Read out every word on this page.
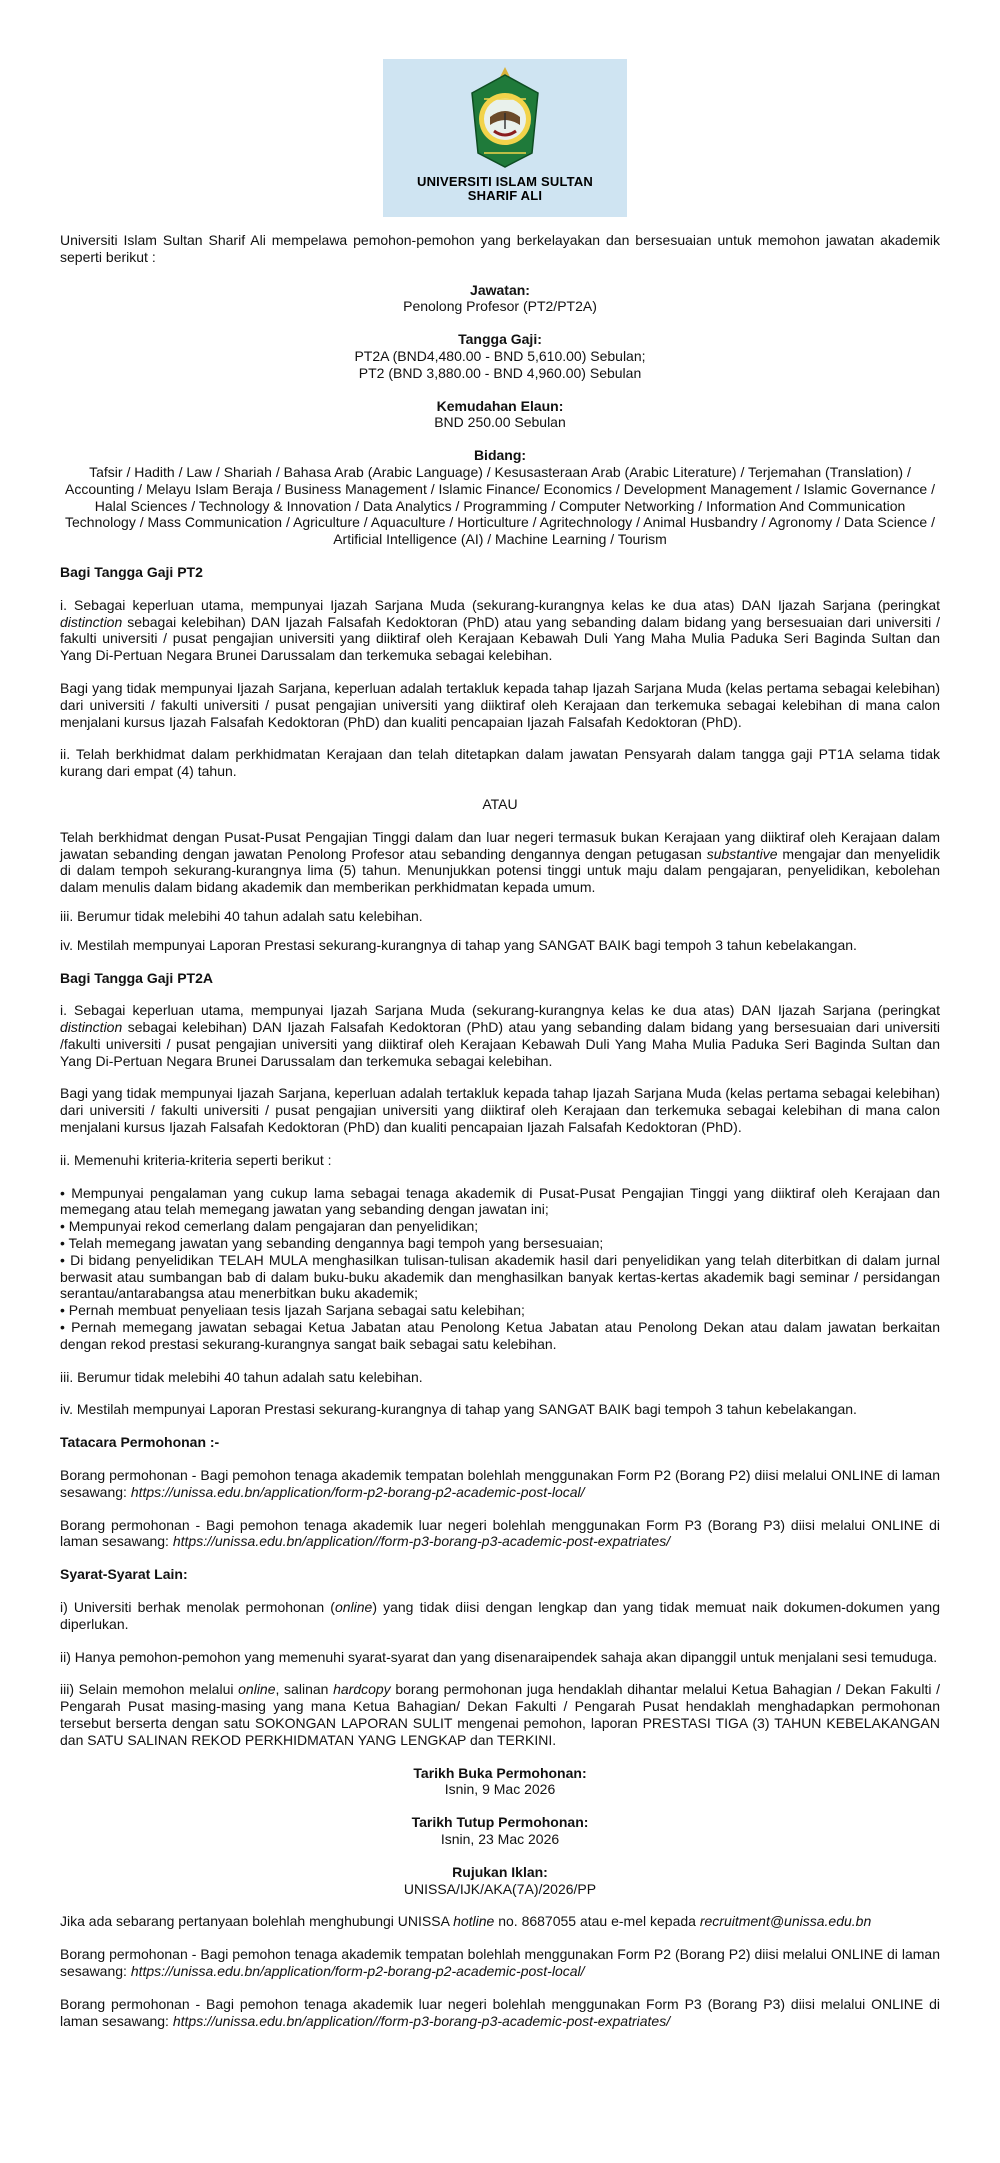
UNIVERSITI ISLAM SULTAN
SHARIF ALI

Universiti Islam Sultan Sharif Ali mempelawa pemohon-pemohon yang berkelayakan dan bersesuaian untuk memohon jawatan akademik seperti berikut :

Jawatan:

Penolong Profesor (PT2/PT2A)

Tangga Gaji:

PT2A (BND4,480.00 - BND 5,610.00) Sebulan;

PT2 (BND 3,880.00 - BND 4,960.00) Sebulan

Kemudahan Elaun:

BND 250.00 Sebulan

Bidang:

Tafsir / Hadith / Law / Shariah / Bahasa Arab (Arabic Language) / Kesusasteraan Arab (Arabic Literature) / Terjemahan (Translation) / Accounting / Melayu Islam Beraja / Business Management / Islamic Finance/ Economics / Development Management / Islamic Governance / Halal Sciences / Technology & Innovation / Data Analytics / Programming / Computer Networking / Information And Communication Technology / Mass Communication / Agriculture / Aquaculture / Horticulture / Agritechnology / Animal Husbandry / Agronomy / Data Science / Artificial Intelligence (AI) / Machine Learning / Tourism

Bagi Tangga Gaji PT2

i. Sebagai keperluan utama, mempunyai Ijazah Sarjana Muda (sekurang-kurangnya kelas ke dua atas) DAN Ijazah Sarjana (peringkat distinction sebagai kelebihan) DAN Ijazah Falsafah Kedoktoran (PhD) atau yang sebanding dalam bidang yang bersesuaian dari universiti / fakulti universiti / pusat pengajian universiti yang diiktiraf oleh Kerajaan Kebawah Duli Yang Maha Mulia Paduka Seri Baginda Sultan dan Yang Di-Pertuan Negara Brunei Darussalam dan terkemuka sebagai kelebihan.

Bagi yang tidak mempunyai Ijazah Sarjana, keperluan adalah tertakluk kepada tahap Ijazah Sarjana Muda (kelas pertama sebagai kelebihan) dari universiti / fakulti universiti / pusat pengajian universiti yang diiktiraf oleh Kerajaan dan terkemuka sebagai kelebihan di mana calon menjalani kursus Ijazah Falsafah Kedoktoran (PhD) dan kualiti pencapaian Ijazah Falsafah Kedoktoran (PhD).

ii. Telah berkhidmat dalam perkhidmatan Kerajaan dan telah ditetapkan dalam jawatan Pensyarah dalam tangga gaji PT1A selama tidak kurang dari empat (4) tahun.

ATAU

Telah berkhidmat dengan Pusat-Pusat Pengajian Tinggi dalam dan luar negeri termasuk bukan Kerajaan yang diiktiraf oleh Kerajaan dalam jawatan sebanding dengan jawatan Penolong Profesor atau sebanding dengannya dengan petugasan substantive mengajar dan menyelidik di dalam tempoh sekurang-kurangnya lima (5) tahun. Menunjukkan potensi tinggi untuk maju dalam pengajaran, penyelidikan, kebolehan dalam menulis dalam bidang akademik dan memberikan perkhidmatan kepada umum.

iii. Berumur tidak melebihi 40 tahun adalah satu kelebihan.

iv. Mestilah mempunyai Laporan Prestasi sekurang-kurangnya di tahap yang SANGAT BAIK bagi tempoh 3 tahun kebelakangan.

Bagi Tangga Gaji PT2A

i. Sebagai keperluan utama, mempunyai Ijazah Sarjana Muda (sekurang-kurangnya kelas ke dua atas) DAN Ijazah Sarjana (peringkat distinction sebagai kelebihan) DAN Ijazah Falsafah Kedoktoran (PhD) atau yang sebanding dalam bidang yang bersesuaian dari universiti /fakulti universiti / pusat pengajian universiti yang diiktiraf oleh Kerajaan Kebawah Duli Yang Maha Mulia Paduka Seri Baginda Sultan dan Yang Di-Pertuan Negara Brunei Darussalam dan terkemuka sebagai kelebihan.

Bagi yang tidak mempunyai Ijazah Sarjana, keperluan adalah tertakluk kepada tahap Ijazah Sarjana Muda (kelas pertama sebagai kelebihan) dari universiti / fakulti universiti / pusat pengajian universiti yang diiktiraf oleh Kerajaan dan terkemuka sebagai kelebihan di mana calon menjalani kursus Ijazah Falsafah Kedoktoran (PhD) dan kualiti pencapaian Ijazah Falsafah Kedoktoran (PhD).

ii. Memenuhi kriteria-kriteria seperti berikut :

• Mempunyai pengalaman yang cukup lama sebagai tenaga akademik di Pusat-Pusat Pengajian Tinggi yang diiktiraf oleh Kerajaan dan memegang atau telah memegang jawatan yang sebanding dengan jawatan ini;

• Mempunyai rekod cemerlang dalam pengajaran dan penyelidikan;

• Telah memegang jawatan yang sebanding dengannya bagi tempoh yang bersesuaian;

• Di bidang penyelidikan TELAH MULA menghasilkan tulisan-tulisan akademik hasil dari penyelidikan yang telah diterbitkan di dalam jurnal berwasit atau sumbangan bab di dalam buku-buku akademik dan menghasilkan banyak kertas-kertas akademik bagi seminar / persidangan serantau/antarabangsa atau menerbitkan buku akademik;

• Pernah membuat penyeliaan tesis Ijazah Sarjana sebagai satu kelebihan;

• Pernah memegang jawatan sebagai Ketua Jabatan atau Penolong Ketua Jabatan atau Penolong Dekan atau dalam jawatan berkaitan dengan rekod prestasi sekurang-kurangnya sangat baik sebagai satu kelebihan.

iii. Berumur tidak melebihi 40 tahun adalah satu kelebihan.

iv. Mestilah mempunyai Laporan Prestasi sekurang-kurangnya di tahap yang SANGAT BAIK bagi tempoh 3 tahun kebelakangan.

Tatacara Permohonan :-

Borang permohonan - Bagi pemohon tenaga akademik tempatan bolehlah menggunakan Form P2 (Borang P2) diisi melalui ONLINE di laman sesawang: https://unissa.edu.bn/application/form-p2-borang-p2-academic-post-local/

Borang permohonan - Bagi pemohon tenaga akademik luar negeri bolehlah menggunakan Form P3 (Borang P3) diisi melalui ONLINE di laman sesawang: https://unissa.edu.bn/application//form-p3-borang-p3-academic-post-expatriates/

Syarat-Syarat Lain:

i) Universiti berhak menolak permohonan (online) yang tidak diisi dengan lengkap dan yang tidak memuat naik dokumen-dokumen yang diperlukan.

ii) Hanya pemohon-pemohon yang memenuhi syarat-syarat dan yang disenaraipendek sahaja akan dipanggil untuk menjalani sesi temuduga.

iii) Selain memohon melalui online, salinan hardcopy borang permohonan juga hendaklah dihantar melalui Ketua Bahagian / Dekan Fakulti / Pengarah Pusat masing-masing yang mana Ketua Bahagian/ Dekan Fakulti / Pengarah Pusat hendaklah menghadapkan permohonan tersebut berserta dengan satu SOKONGAN LAPORAN SULIT mengenai pemohon, laporan PRESTASI TIGA (3) TAHUN KEBELAKANGAN dan SATU SALINAN REKOD PERKHIDMATAN YANG LENGKAP dan TERKINI.

Tarikh Buka Permohonan:

Isnin, 9 Mac 2026

Tarikh Tutup Permohonan:

Isnin, 23 Mac 2026

Rujukan Iklan:

UNISSA/IJK/AKA(7A)/2026/PP

Jika ada sebarang pertanyaan bolehlah menghubungi UNISSA hotline no. 8687055 atau e-mel kepada recruitment@unissa.edu.bn

Borang permohonan - Bagi pemohon tenaga akademik tempatan bolehlah menggunakan Form P2 (Borang P2) diisi melalui ONLINE di laman sesawang: https://unissa.edu.bn/application/form-p2-borang-p2-academic-post-local/

Borang permohonan - Bagi pemohon tenaga akademik luar negeri bolehlah menggunakan Form P3 (Borang P3) diisi melalui ONLINE di laman sesawang: https://unissa.edu.bn/application//form-p3-borang-p3-academic-post-expatriates/
